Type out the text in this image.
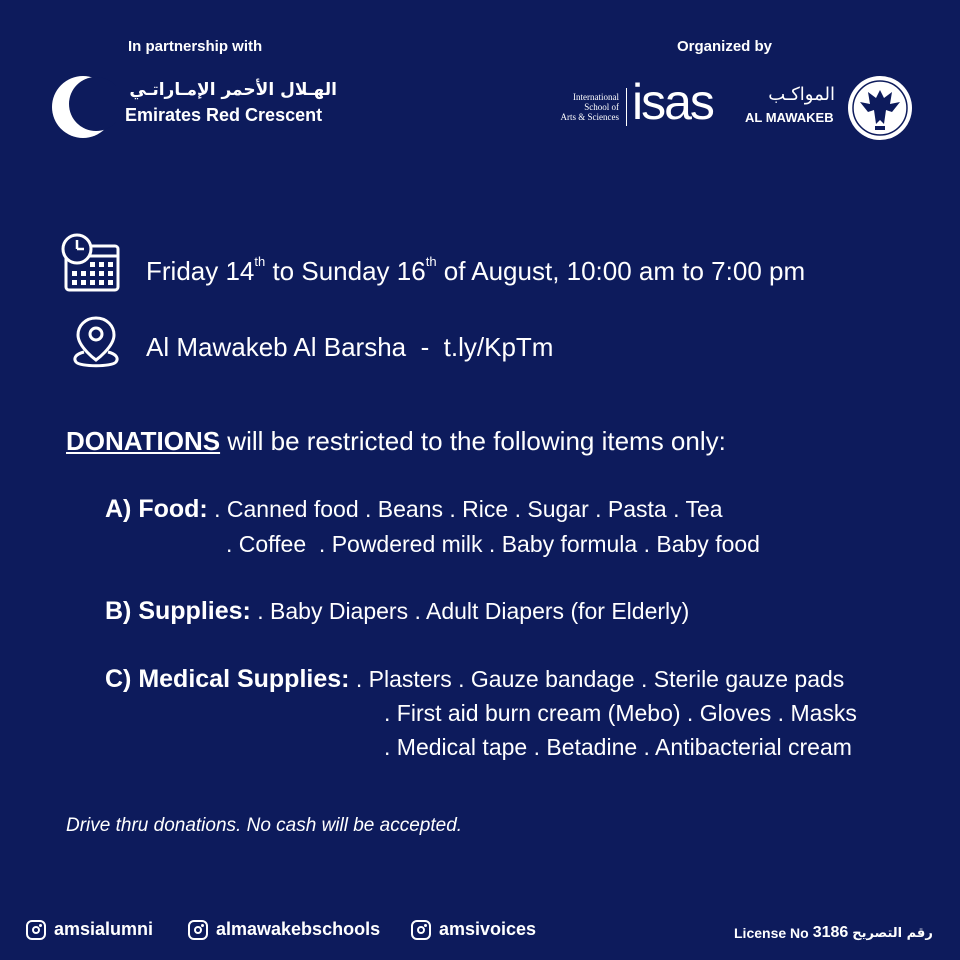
In partnership with	Organized by
الهـلال الأحمر الإمـاراتـي
Emirates Red Crescent
International
School of
Arts & Sciences isas	المواكـب
AL MAWAKEB
Friday 14th to Sunday 16th of August, 10:00 am to 7:00 pm
Al Mawakeb Al Barsha  -  t.ly/KpTm
DONATIONS will be restricted to the following items only:
A) Food: . Canned food . Beans . Rice . Sugar . Pasta . Tea
. Coffee  . Powdered milk . Baby formula . Baby food
B) Supplies: . Baby Diapers . Adult Diapers (for Elderly)
C) Medical Supplies: . Plasters . Gauze bandage . Sterile gauze pads
. First aid burn cream (Mebo) . Gloves . Masks
. Medical tape . Betadine . Antibacterial cream
Drive thru donations. No cash will be accepted.
amsialumni	almawakebschools	amsivoices	License No 3186 رقم التصريح
